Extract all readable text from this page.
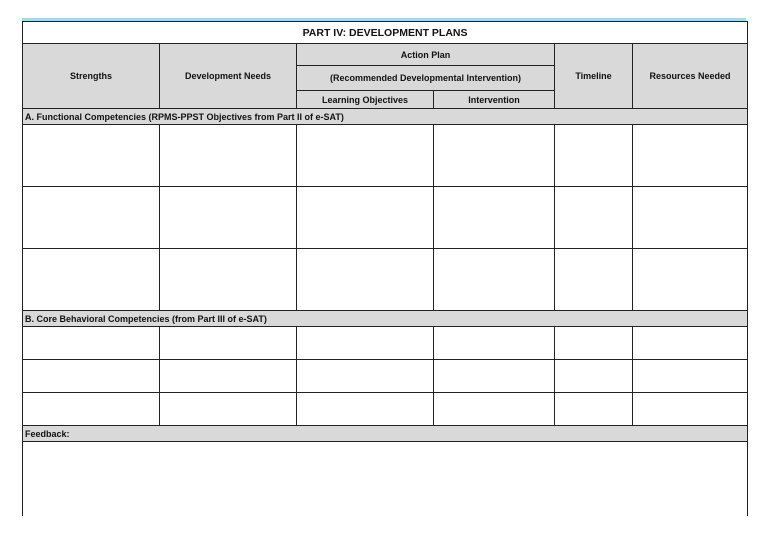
PART IV: DEVELOPMENT PLANS					
Strengths	Development Needs	Action Plan		Timeline	Resources Needed
		(Recommended Developmental Intervention)			
		Learning Objectives	Intervention		
A. Functional Competencies (RPMS-PPST Objectives from Part II of e-SAT)					

B. Core Behavioral Competencies (from Part III of e-SAT)					

Feedback:					
